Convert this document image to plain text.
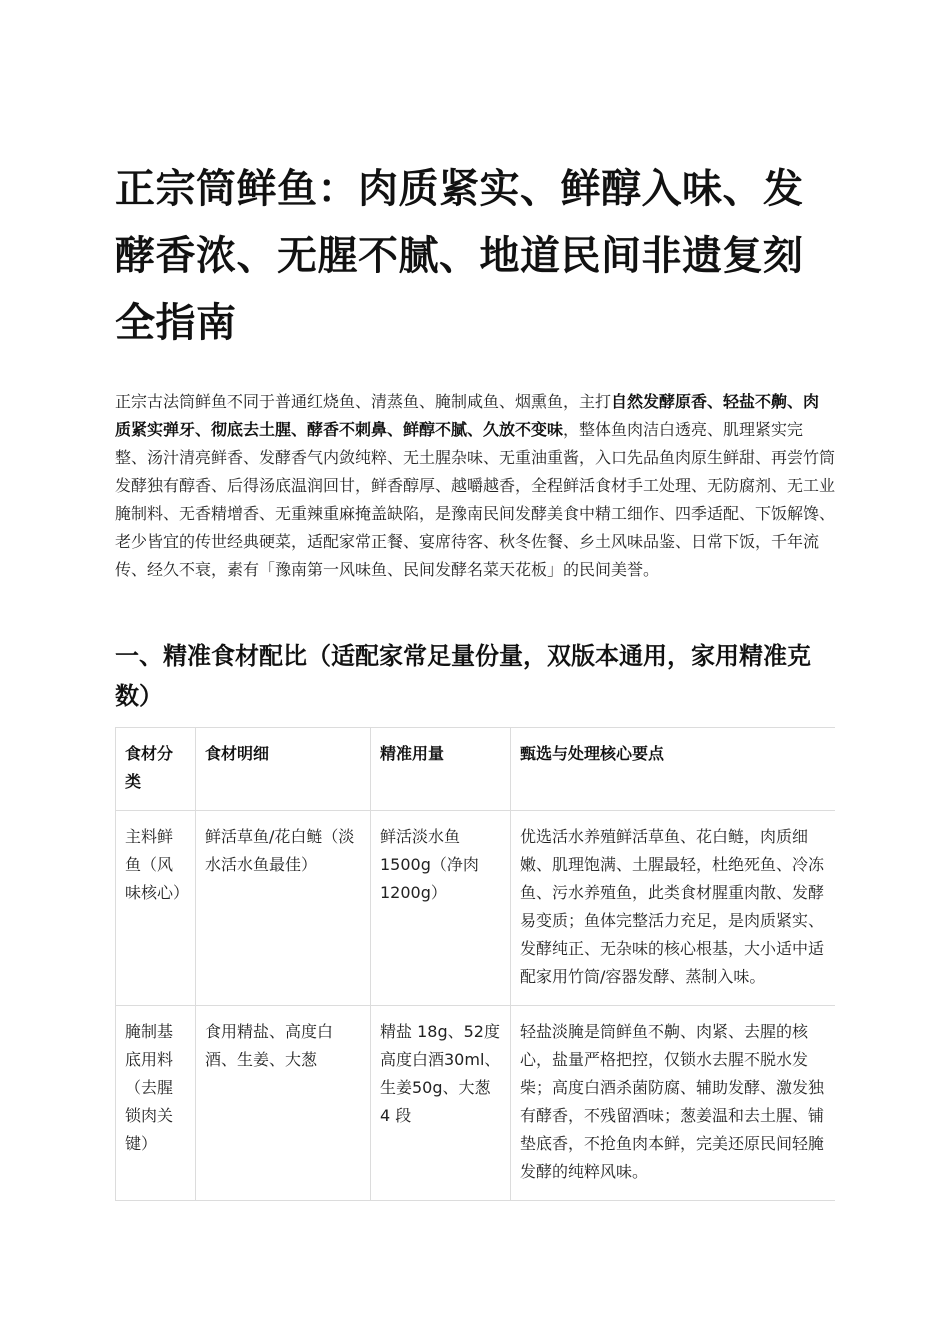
正宗筒鲜鱼：肉质紧实、鲜醇入味、发酵香浓、无腥不腻、地道民间非遗复刻全指南

正宗古法筒鲜鱼不同于普通红烧鱼、清蒸鱼、腌制咸鱼、烟熏鱼，主打自然发酵原香、轻盐不齁、肉质紧实弹牙、彻底去土腥、酵香不刺鼻、鲜醇不腻、久放不变味，整体鱼肉洁白透亮、肌理紧实完整、汤汁清亮鲜香、发酵香气内敛纯粹、无土腥杂味、无重油重酱，入口先品鱼肉原生鲜甜、再尝竹筒发酵独有醇香、后得汤底温润回甘，鲜香醇厚、越嚼越香，全程鲜活食材手工处理、无防腐剂、无工业腌制料、无香精增香、无重辣重麻掩盖缺陷，是豫南民间发酵美食中精工细作、四季适配、下饭解馋、老少皆宜的传世经典硬菜，适配家常正餐、宴席待客、秋冬佐餐、乡土风味品鉴、日常下饭，千年流传、经久不衰，素有「豫南第一风味鱼、民间发酵名菜天花板」的民间美誉。

一、精准食材配比（适配家常足量份量，双版本通用，家用精准克数）
食材分类	食材明细	精准用量	甄选与处理核心要点
主料鲜鱼（风味核心）	鲜活草鱼/花白鲢（淡水活水鱼最佳）	鲜活淡水鱼1500g（净肉1200g）	优选活水养殖鲜活草鱼、花白鲢，肉质细嫩、肌理饱满、土腥最轻，杜绝死鱼、冷冻鱼、污水养殖鱼，此类食材腥重肉散、发酵易变质；鱼体完整活力充足，是肉质紧实、发酵纯正、无杂味的核心根基，大小适中适配家用竹筒/容器发酵、蒸制入味。
腌制基底用料（去腥锁肉关键）	食用精盐、高度白酒、生姜、大葱	精盐 18g、52度高度白酒30ml、生姜50g、大葱 4 段	轻盐淡腌是筒鲜鱼不齁、肉紧、去腥的核心，盐量严格把控，仅锁水去腥不脱水发柴；高度白酒杀菌防腐、辅助发酵、激发独有酵香，不残留酒味；葱姜温和去土腥、铺垫底香，不抢鱼肉本鲜，完美还原民间轻腌发酵的纯粹风味。
